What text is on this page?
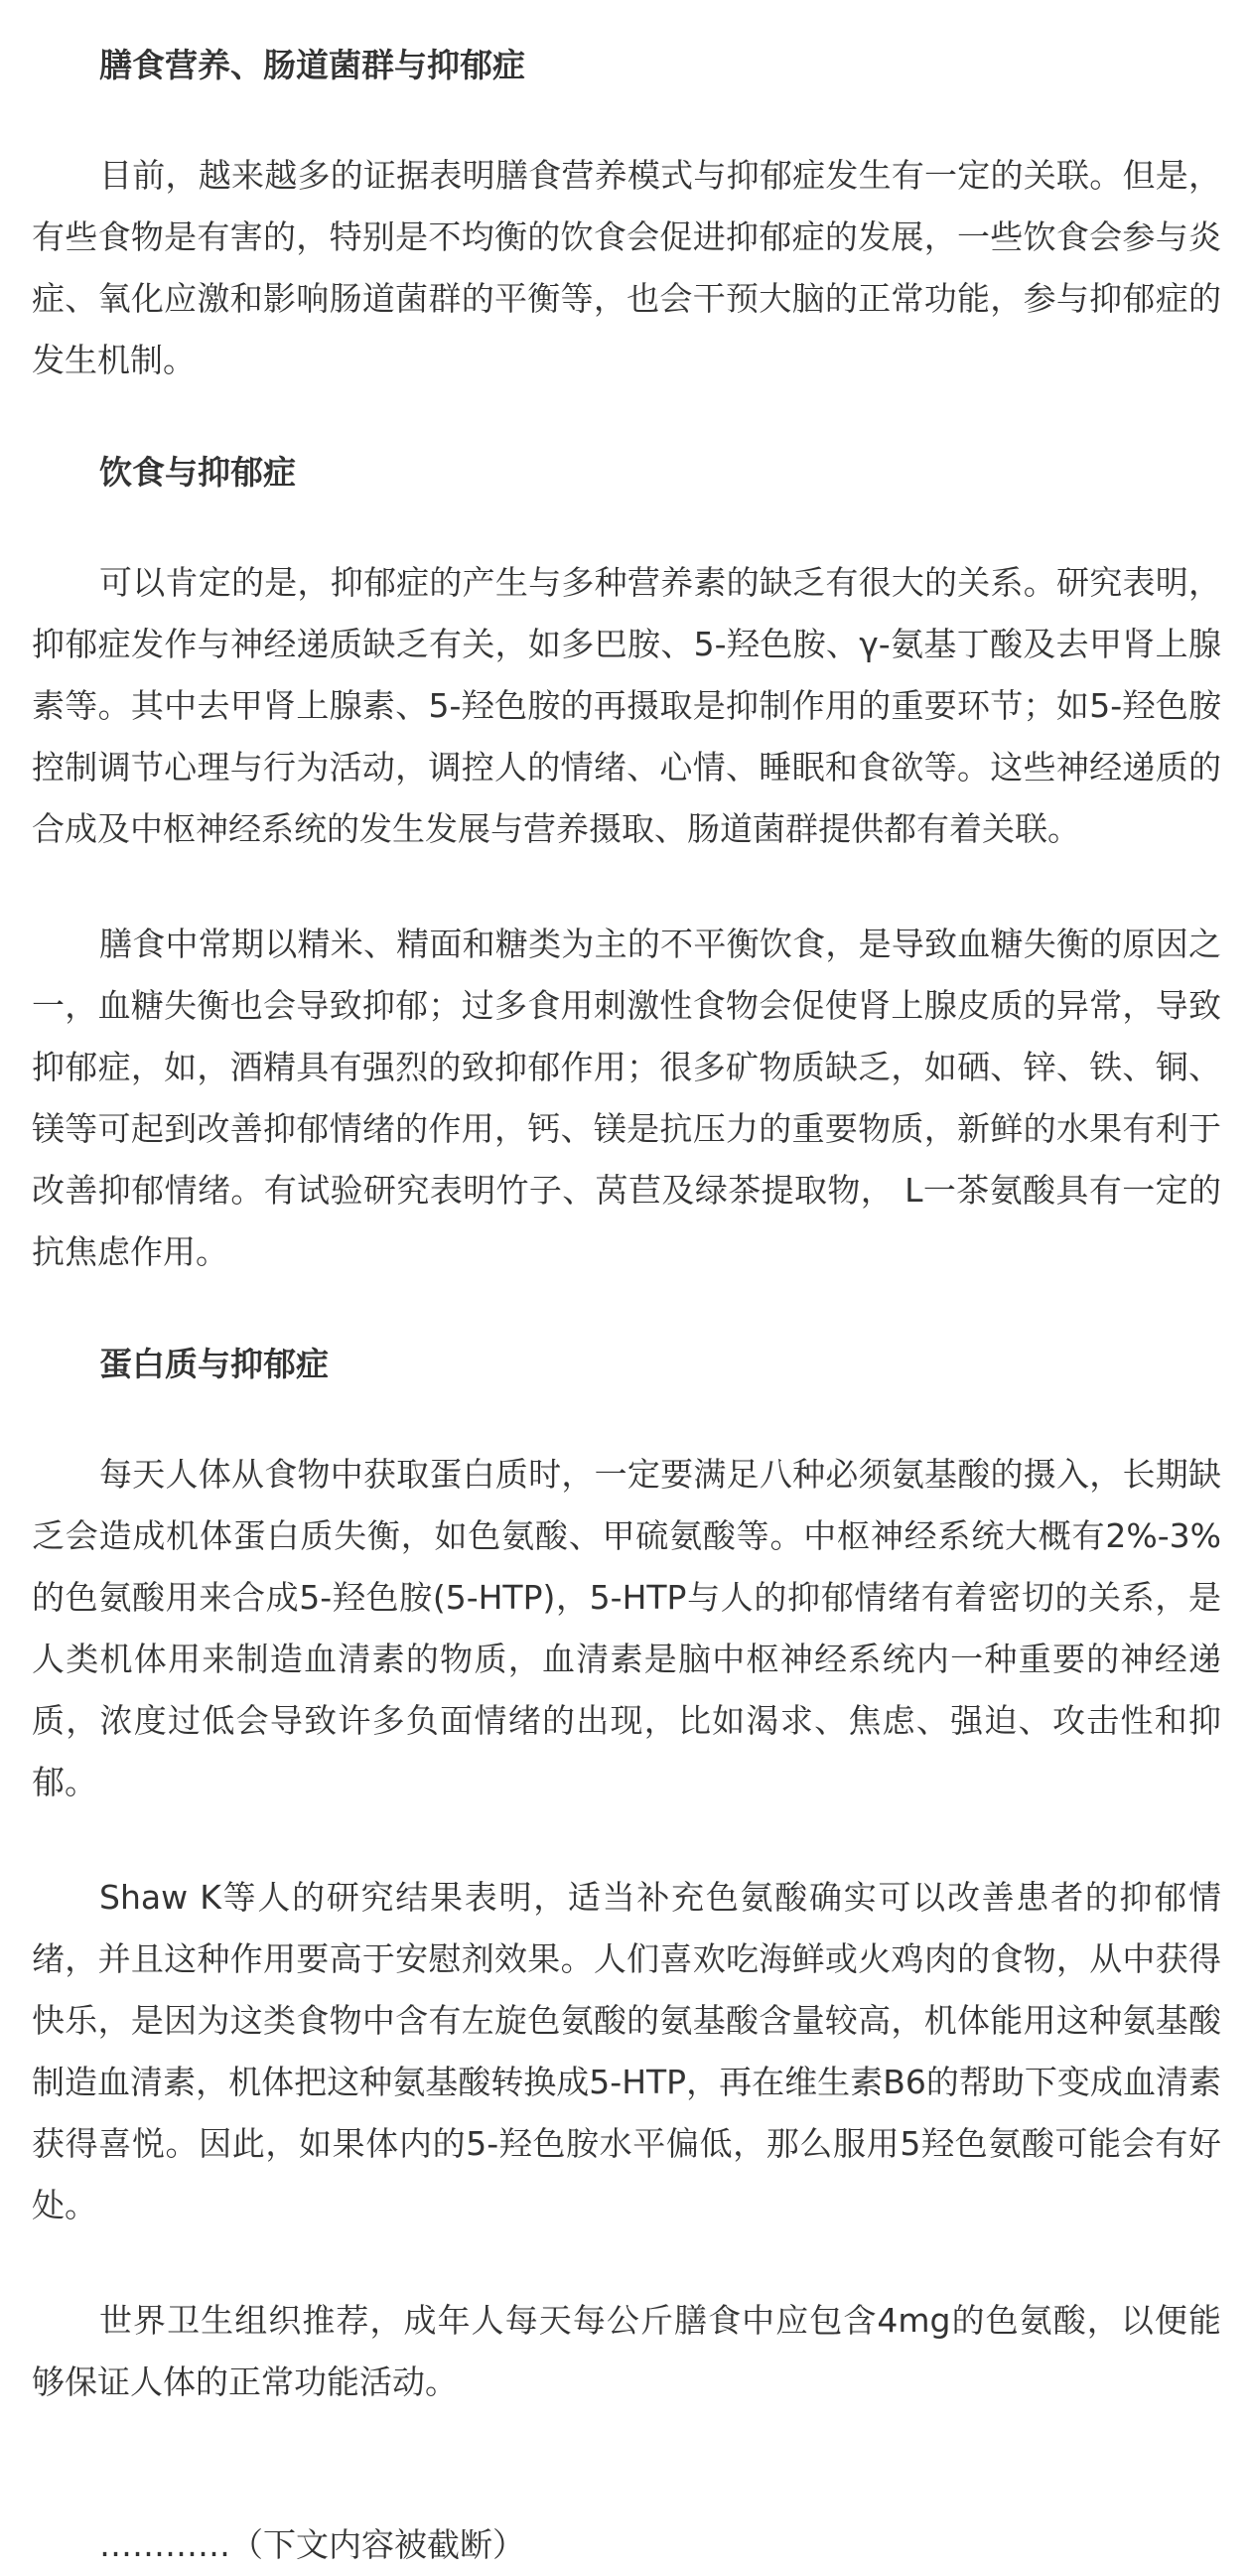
膳食营养、肠道菌群与抑郁症

目前，越来越多的证据表明膳食营养模式与抑郁症发生有一定的关联。但是，有些食物是有害的，特别是不均衡的饮食会促进抑郁症的发展，一些饮食会参与炎症、氧化应激和影响肠道菌群的平衡等，也会干预大脑的正常功能，参与抑郁症的发生机制。

饮食与抑郁症

可以肯定的是，抑郁症的产生与多种营养素的缺乏有很大的关系。研究表明，抑郁症发作与神经递质缺乏有关，如多巴胺、5-羟色胺、γ-氨基丁酸及去甲肾上腺素等。其中去甲肾上腺素、5-羟色胺的再摄取是抑制作用的重要环节；如5-羟色胺控制调节心理与行为活动，调控人的情绪、心情、睡眠和食欲等。这些神经递质的合成及中枢神经系统的发生发展与营养摄取、肠道菌群提供都有着关联。

膳食中常期以精米、精面和糖类为主的不平衡饮食，是导致血糖失衡的原因之一，血糖失衡也会导致抑郁；过多食用刺激性食物会促使肾上腺皮质的异常，导致抑郁症，如，酒精具有强烈的致抑郁作用；很多矿物质缺乏，如硒、锌、铁、铜、镁等可起到改善抑郁情绪的作用，钙、镁是抗压力的重要物质，新鲜的水果有利于改善抑郁情绪。有试验研究表明竹子、莴苣及绿茶提取物， L一茶氨酸具有一定的抗焦虑作用。

蛋白质与抑郁症

每天人体从食物中获取蛋白质时，一定要满足八种必须氨基酸的摄入，长期缺乏会造成机体蛋白质失衡，如色氨酸、甲硫氨酸等。中枢神经系统大概有2%-3%的色氨酸用来合成5-羟色胺(5-HTP)，5-HTP与人的抑郁情绪有着密切的关系，是人类机体用来制造血清素的物质，血清素是脑中枢神经系统内一种重要的神经递质，浓度过低会导致许多负面情绪的出现，比如渴求、焦虑、强迫、攻击性和抑郁。

Shaw K等人的研究结果表明，适当补充色氨酸确实可以改善患者的抑郁情绪，并且这种作用要高于安慰剂效果。人们喜欢吃海鲜或火鸡肉的食物，从中获得快乐，是因为这类食物中含有左旋色氨酸的氨基酸含量较高，机体能用这种氨基酸制造血清素，机体把这种氨基酸转换成5-HTP，再在维生素B6的帮助下变成血清素获得喜悦。因此，如果体内的5-羟色胺水平偏低，那么服用5羟色氨酸可能会有好处。

世界卫生组织推荐，成年人每天每公斤膳食中应包含4mg的色氨酸，以便能够保证人体的正常功能活动。

…………（下文内容被截断）
